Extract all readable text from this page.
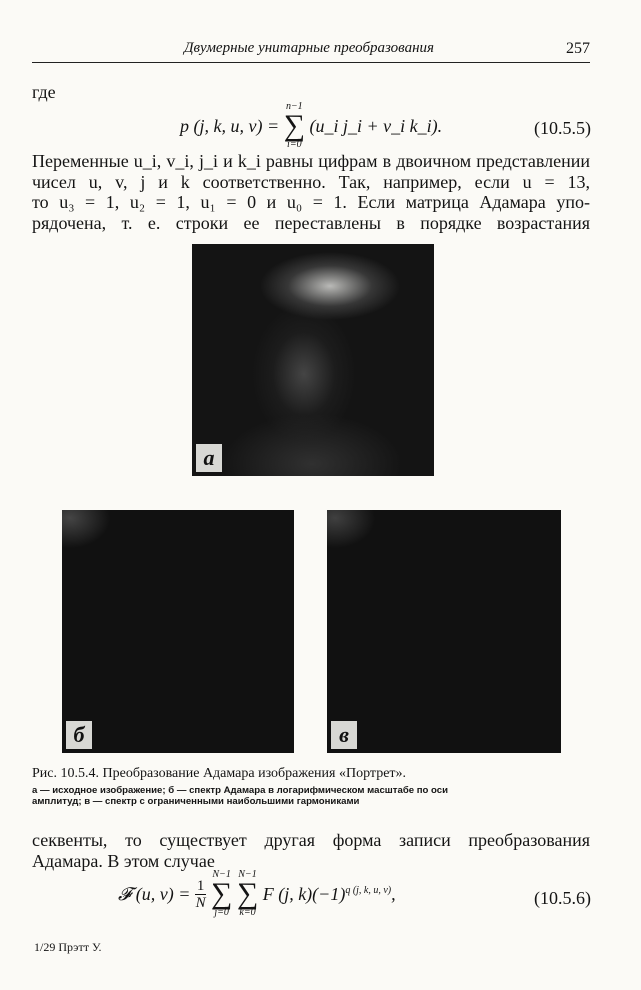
Двумерные унитарные преобразования	257
где
p (j, k, u, v) =
n−1
∑
i=0
(u_i j_i + v_i k_i).	(10.5.5)
Переменные u_i, v_i, j_i и k_i равны цифрам в двоичном представлении
чисел u, v, j и k соответственно. Так, например, если u = 13,
то u₃ = 1, u₂ = 1, u₁ = 0 и u₀ = 1. Если матрица Адамара упо-
рядочена, т. е. строки ее переставлены в порядке возрастания
а
б	в
Рис. 10.5.4. Преобразование Адамара изображения «Портрет».
а — исходное изображение; б — спектр Адамара в логарифмическом масштабе по оси
амплитуд; в — спектр с ограниченными наибольшими гармониками
секвенты, то существует другая форма записи преобразования
Адамара. В этом случае
𝓕 (u, $v) = \frac{1}{N}$

N−1
∑
j=0

N−1
∑
k=0
F (j, $k)(-1)^{q (j, k, u, v)}$,	(10.5.6)
1/29 Прэтт У.
